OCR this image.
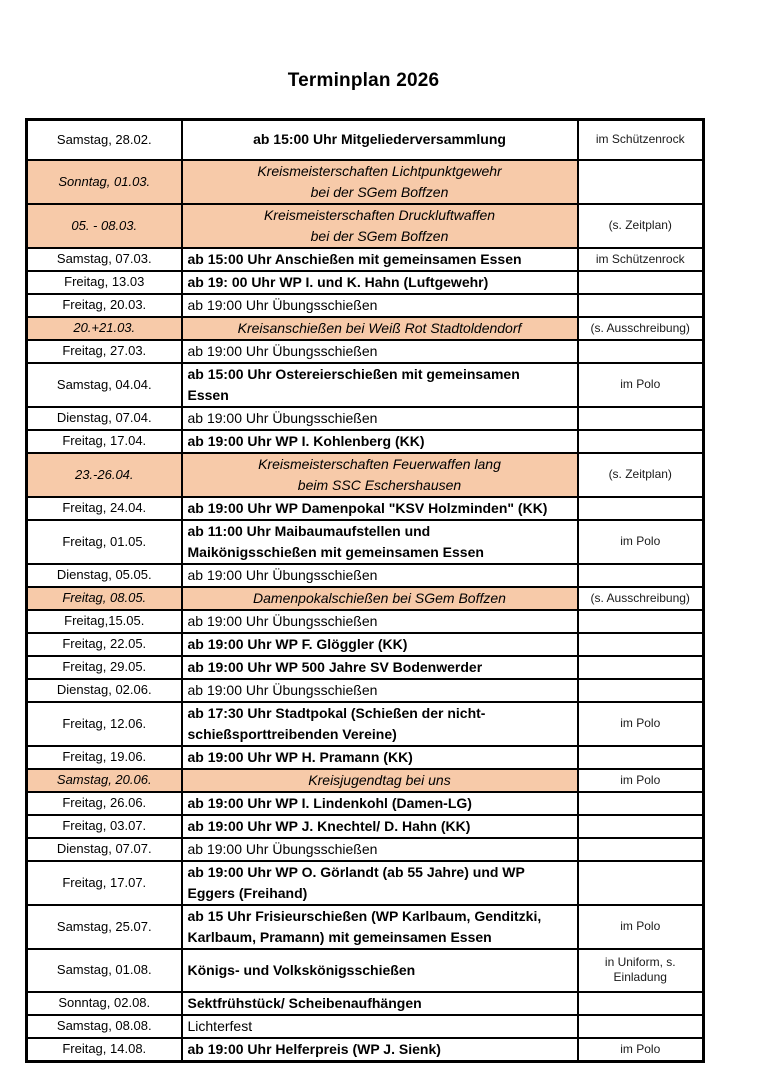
Terminplan 2026
Samstag, 28.02.	ab 15:00 Uhr Mitgeliederversammlung	im Schützenrock

Sonntag, 01.03.	Kreismeisterschaften Lichtpunktgewehr
bei der SGem Boffzen	

05. - 08.03.	Kreismeisterschaften Druckluftwaffen
bei der SGem Boffzen	(s. Zeitplan)

Samstag, 07.03.	ab 15:00 Uhr Anschießen mit gemeinsamen Essen	im Schützenrock

Freitag, 13.03	ab 19: 00 Uhr WP I. und K. Hahn (Luftgewehr)	

Freitag, 20.03.	ab 19:00 Uhr Übungsschießen	

20.+21.03.	Kreisanschießen bei Weiß Rot Stadtoldendorf	(s. Ausschreibung)

Freitag, 27.03.	ab 19:00 Uhr Übungsschießen	

Samstag, 04.04.	ab 15:00 Uhr Ostereierschießen mit gemeinsamen
Essen	im Polo

Dienstag, 07.04.	ab 19:00 Uhr Übungsschießen	

Freitag, 17.04.	ab 19:00 Uhr WP I. Kohlenberg (KK)	

23.-26.04.	Kreismeisterschaften Feuerwaffen lang
beim SSC Eschershausen	(s. Zeitplan)

Freitag, 24.04.	ab 19:00 Uhr WP Damenpokal "KSV Holzminden" (KK)	

Freitag, 01.05.	ab 11:00 Uhr Maibaumaufstellen und
Maikönigsschießen mit gemeinsamen Essen	im Polo

Dienstag, 05.05.	ab 19:00 Uhr Übungsschießen	

Freitag, 08.05.	Damenpokalschießen bei SGem Boffzen	(s. Ausschreibung)

Freitag,15.05.	ab 19:00 Uhr Übungsschießen	

Freitag, 22.05.	ab 19:00 Uhr WP F. Glöggler (KK)	

Freitag, 29.05.	ab 19:00 Uhr WP 500 Jahre SV Bodenwerder	

Dienstag, 02.06.	ab 19:00 Uhr Übungsschießen	

Freitag, 12.06.	ab 17:30 Uhr Stadtpokal (Schießen der nicht-
schießsporttreibenden Vereine)	im Polo

Freitag, 19.06.	ab 19:00 Uhr WP H. Pramann (KK)	

Samstag, 20.06.	Kreisjugendtag bei uns	im Polo

Freitag, 26.06.	ab 19:00 Uhr WP I. Lindenkohl (Damen-LG)	

Freitag, 03.07.	ab 19:00 Uhr WP J. Knechtel/ D. Hahn (KK)	

Dienstag, 07.07.	ab 19:00 Uhr Übungsschießen	

Freitag, 17.07.	ab 19:00 Uhr WP O. Görlandt (ab 55 Jahre) und WP
Eggers (Freihand)	

Samstag, 25.07.	ab 15 Uhr Frisieurschießen (WP Karlbaum, Genditzki,
Karlbaum, Pramann) mit gemeinsamen Essen	im Polo

Samstag, 01.08.	Königs- und Volkskönigsschießen	in Uniform, s.
Einladung

Sonntag, 02.08.	Sektfrühstück/ Scheibenaufhängen	

Samstag, 08.08.	Lichterfest	

Freitag, 14.08.	ab 19:00 Uhr Helferpreis (WP J. Sienk)	im Polo
